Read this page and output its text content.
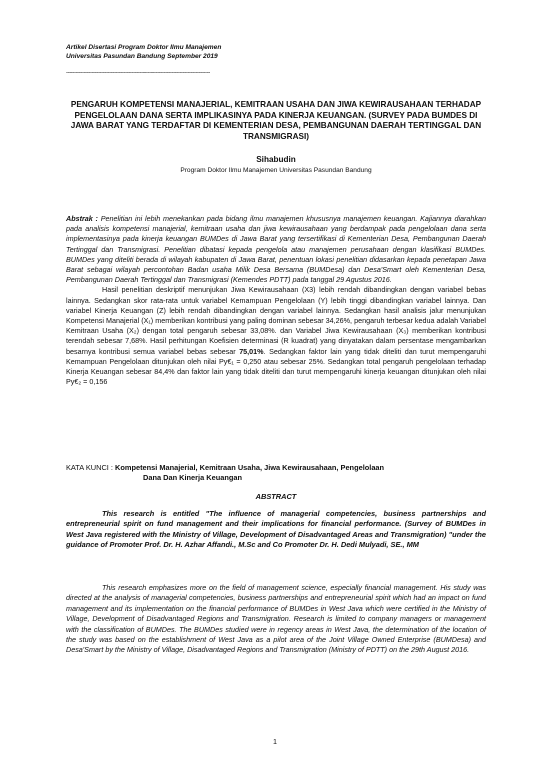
Artikel Disertasi Program Doktor Ilmu Manajemen
Universitas Pasundan Bandung September 2019
------------------------------------------------------------------------------------------
PENGARUH KOMPETENSI MANAJERIAL, KEMITRAAN USAHA DAN JIWA KEWIRAUSAHAAN TERHADAP PENGELOLAAN DANA SERTA IMPLIKASINYA PADA KINERJA KEUANGAN. (SURVEY PADA BUMDES DI JAWA BARAT YANG TERDAFTAR DI KEMENTERIAN DESA, PEMBANGUNAN DAERAH TERTINGGAL DAN TRANSMIGRASI)
Sihabudin
Program Doktor Ilmu Manajemen Universitas Pasundan Bandung

Abstrak : Penelitian ini lebih menekankan pada bidang ilmu manajemen khususnya manajemen keuangan. Kajiannya diarahkan pada analisis kompetensi manajerial, kemitraan usaha dan jiwa kewirausahaan yang berdampak pada pengelolaan dana serta implementasinya pada kinerja keuangan BUMDes di Jawa Barat yang tersertifikasi di Kementerian Desa, Pembangunan Daerah Tertinggal dan Transmigrasi. Penelitian dibatasi kepada pengelola atau manajemen perusahaan dengan klasifikasi BUMDes. BUMDes yang diteliti berada di wilayah kabupaten di Jawa Barat, penentuan lokasi penelitian didasarkan kepada penetapan Jawa Barat sebagai wilayah percontohan Badan usaha Milik Desa Bersama (BUMDesa) dan Desa'Smart oleh Kementerian Desa, Pembangunan Daerah Tertinggal dan Transmigrasi (Kemendes PDTT) pada tanggal 29 Agustus 2016.

Hasil penelitian deskriptif menunjukan Jiwa Kewirausahaan (X3) lebih rendah dibandingkan dengan variabel bebas lainnya. Sedangkan skor rata-rata untuk variabel Kemampuan Pengelolaan (Y) lebih tinggi dibandingkan variabel lainnya. Dan variabel Kinerja Keuangan (Z) lebih rendah dibandingkan dengan variabel lainnya. Sedangkan hasil analisis jalur menunjukan Kompetensi Manajerial (X₁) memberikan kontribusi yang paling dominan sebesar 34,26%, pengaruh terbesar kedua adalah Variabel Kemitraan Usaha (X₂) dengan total pengaruh sebesar 33,08%. dan Variabel Jiwa Kewirausahaan (X₃) memberikan kontribusi terendah sebesar 7,68%. Hasil perhitungan Koefisien determinasi (R kuadrat) yang dinyatakan dalam persentase mengambarkan besarnya kontribusi semua variabel bebas sebesar 75,01%. Sedangkan faktor lain yang tidak diteliti dan turut mempengaruhi Kemampuan Pengelolaan ditunjukan oleh nilai Py€₁ = 0,250 atau sebesar 25%. Sedangkan total pengaruh pengelolaan terhadap Kinerja Keuangan sebesar 84,4% dan faktor lain yang tidak diteliti dan turut mempengaruhi kinerja keuangan ditunjukan oleh nilai Py€₂ = 0,156

KATA KUNCI : Kompetensi Manajerial, Kemitraan Usaha, Jiwa Kewirausahaan, Pengelolaan
Dana Dan Kinerja Keuangan
ABSTRACT
This research is entitled "The influence of managerial competencies, business partnerships and entrepreneurial spirit on fund management and their implications for financial performance. (Survey of BUMDes in West Java registered with the Ministry of Village, Development of Disadvantaged Areas and Transmigration) "under the guidance of Promoter Prof. Dr. H. Azhar Affandi., M.Sc and Co Promoter Dr. H. Dedi Mulyadi, SE., MM
This research emphasizes more on the field of management science, especially financial management. His study was directed at the analysis of managerial competencies, business partnerships and entrepreneurial spirit which had an impact on fund management and its implementation on the financial performance of BUMDes in West Java which were certified in the Ministry of Village, Development of Disadvantaged Regions and Transmigration. Research is limited to company managers or management with the classification of BUMDes. The BUMDes studied were in regency areas in West Java, the determination of the location of the study was based on the establishment of West Java as a pilot area of the Joint Village Owned Enterprise (BUMDesa) and Desa'Smart by the Ministry of Village, Disadvantaged Regions and Transmigration (Ministry of PDTT) on the 29th August 2016.
1
